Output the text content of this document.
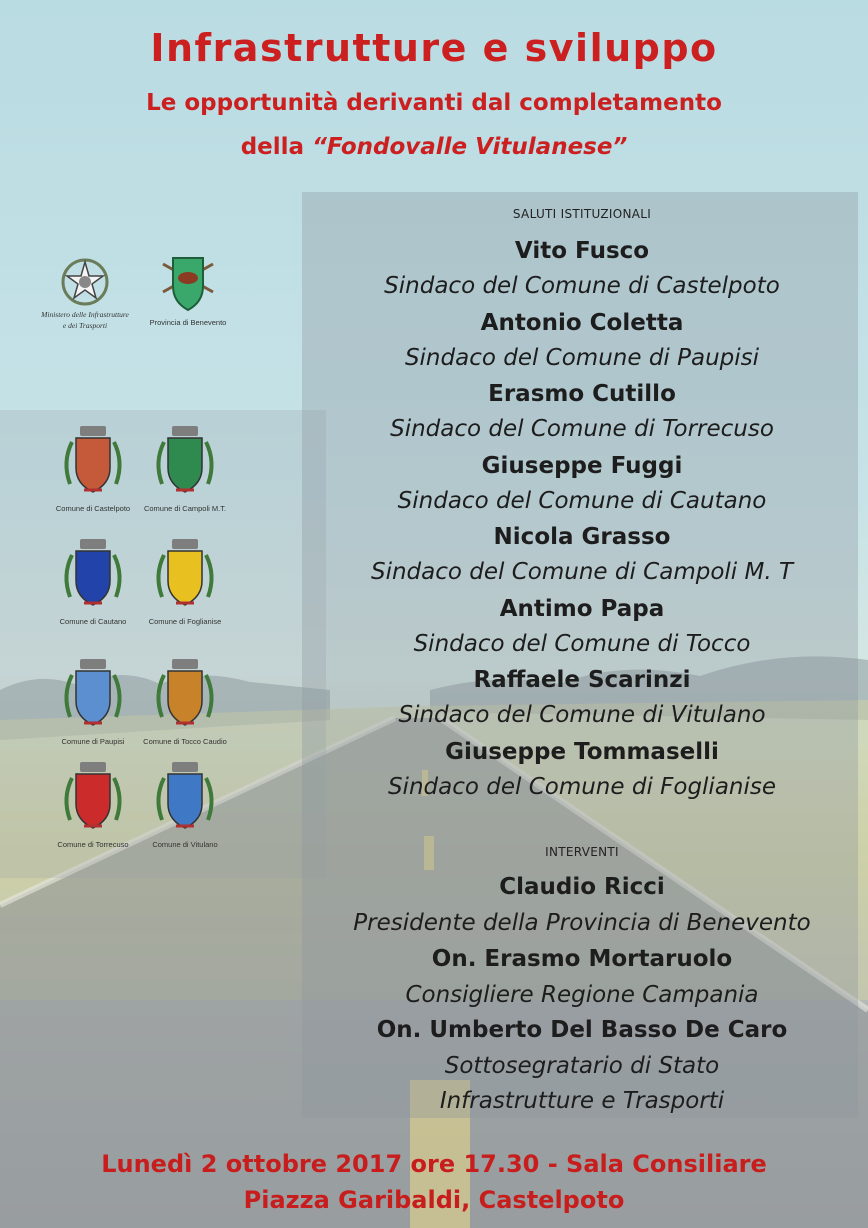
Infrastrutture e sviluppo
Le opportunità derivanti dal completamento
della “Fondovalle Vitulanese”
Ministero delle Infrastrutture
e dei Trasporti	Provincia di Benevento
Comune di Castelpoto	Comune di Campoli M.T.
Comune di Cautano	Comune di Foglianise
Comune di Paupisi	Comune di Tocco Caudio
Comune di Torrecuso	Comune di Vitulano
SALUTI ISTITUZIONALI
Vito Fusco
Sindaco del Comune di Castelpoto
Antonio Coletta
Sindaco del Comune di Paupisi
Erasmo Cutillo
Sindaco del Comune di Torrecuso
Giuseppe Fuggi
Sindaco del Comune di Cautano
Nicola Grasso
Sindaco del Comune di Campoli M. T
Antimo Papa
Sindaco del Comune di Tocco
Raffaele Scarinzi
Sindaco del Comune di Vitulano
Giuseppe Tommaselli
Sindaco del Comune di Foglianise
INTERVENTI
Claudio Ricci
Presidente della Provincia di Benevento
On. Erasmo Mortaruolo
Consigliere Regione Campania
On. Umberto Del Basso De Caro
Sottosegratario di Stato
Infrastrutture e Trasporti
Lunedì 2 ottobre 2017 ore 17.30 - Sala Consiliare
Piazza Garibaldi, Castelpoto
